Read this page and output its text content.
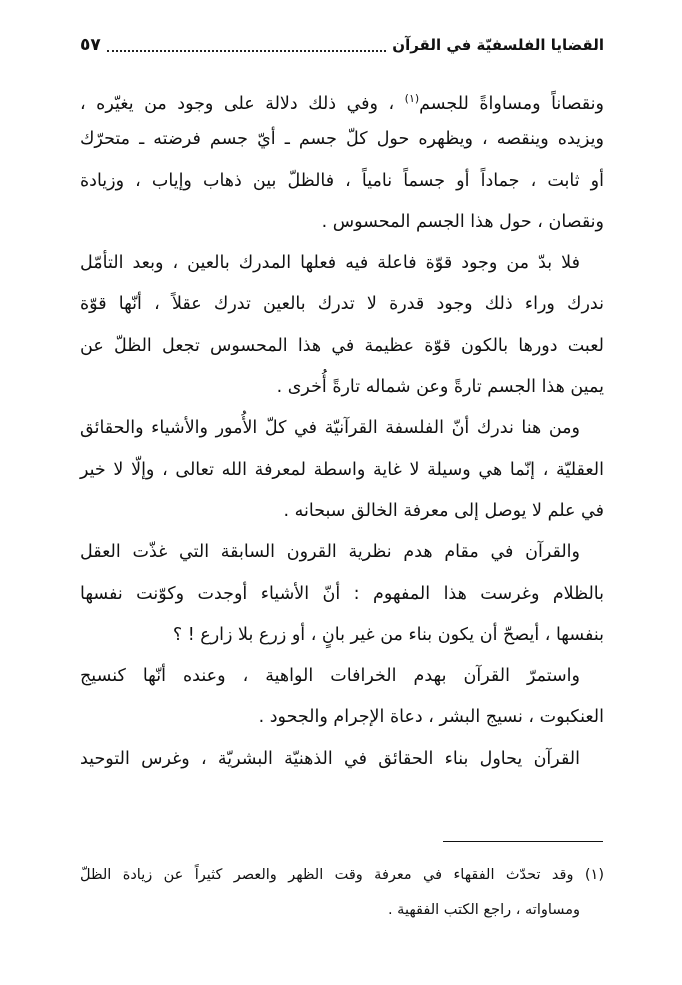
القضايا الفلسفيّة في القرآن
٥٧
ونقصاناً ومساواةً للجسم$^{(١)}$ ، وفي ذلك دلالة على وجود من يغيّره ،
ويزيده وينقصه ، ويظهره حول كلّ جسم ـ أيّ جسم فرضته ـ متحرّك
أو ثابت ، جماداً أو جسماً نامياً ، فالظلّ بين ذهاب وإياب ، وزيادة
ونقصان ، حول هذا الجسم المحسوس .
فلا بدّ من وجود قوّة فاعلة فيه فعلها المدرك بالعين ، وبعد التأمّل
ندرك وراء ذلك وجود قدرة لا تدرك بالعين تدرك عقلاً ، أنّها قوّة
لعبت دورها بالكون قوّة عظيمة في هذا المحسوس تجعل الظلّ عن
يمين هذا الجسم تارةً وعن شماله تارةً أُخرى .
ومن هنا ندرك أنّ الفلسفة القرآنيّة في كلّ الأُمور والأشياء والحقائق
العقليّة ، إنّما هي وسيلة لا غاية واسطة لمعرفة الله تعالى ، وإلّا لا خير
في علم لا يوصل إلى معرفة الخالق سبحانه .
والقرآن في مقام هدم نظرية القرون السابقة التي غذّت العقل
بالظلام وغرست هذا المفهوم : أنّ الأشياء أوجدت وكوّنت نفسها
بنفسها ، أيصحّ أن يكون بناء من غير بانٍ ، أو زرع بلا زارع ! ؟
واستمرّ القرآن بهدم الخرافات الواهية ، وعنده أنّها كنسيج
العنكبوت ، نسيج البشر ، دعاة الإجرام والجحود .
القرآن يحاول بناء الحقائق في الذهنيّة البشريّة ، وغرس التوحيد
(١) وقد تحدّث الفقهاء في معرفة وقت الظهر والعصر كثيراً عن زيادة الظلّ
ومساواته ، راجع الكتب الفقهية .
